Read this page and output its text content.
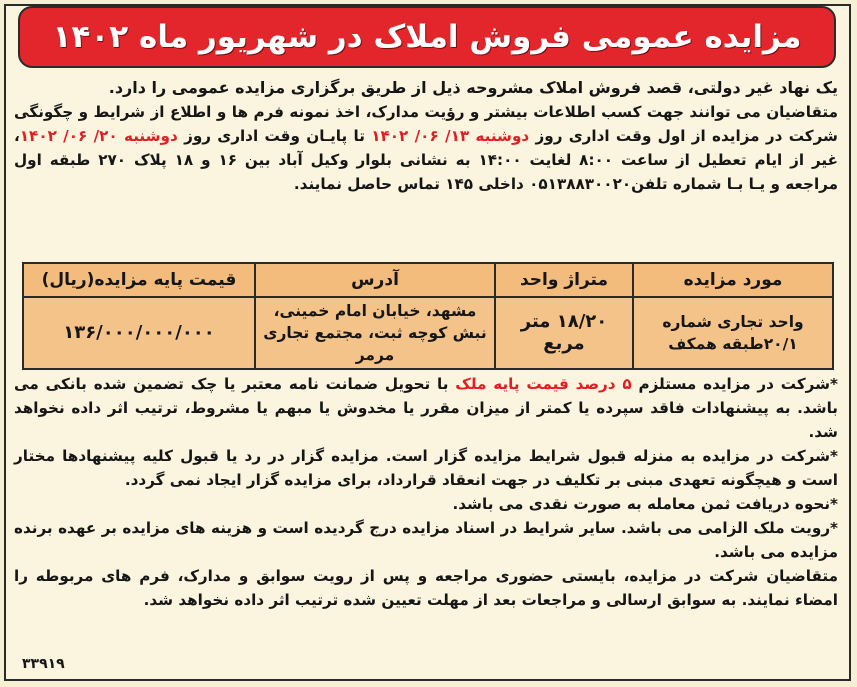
مزایده عمومی فروش املاک در شهریور ماه ۱۴۰۲
یک نهاد غیر دولتی، قصد فروش املاک مشروحه ذیل از طریق برگزاری مزایده عمومی را دارد.
متقاضیان می توانند جهت کسب اطلاعات بیشتر و رؤیت مدارک، اخذ نمونه فرم ها و اطلاع از شرایط و چگونگی شرکت در مزایده از اول وقت اداری روز دوشنبه ۱۳/ ۰۶/ ۱۴۰۲ تا پایـان وقت اداری روز دوشنبه ۲۰/ ۰۶/ ۱۴۰۲، غیر از ایام تعطیل از ساعت ۸:۰۰ لغایت ۱۴:۰۰ به نشانی بلوار وکیل آباد بین ۱۶ و ۱۸ پلاک ۲۷۰ طبقه اول مراجعه و یـا بـا شماره تلفن۰۵۱۳۸۸۳۰۰۲۰ داخلی ۱۴۵ تماس حاصل نمایند.
مورد مزایده	متراژ واحد	آدرس	قیمت پایه مزایده(ریال)
واحد تجاری شماره ۲۰/۱طبقه همکف	۱۸/۲۰ متر مربع	مشهد، خیابان امام خمینی، نبش کوچه ثبت، مجتمع تجاری مرمر	۱۳۶/۰۰۰/۰۰۰/۰۰۰
*شرکت در مزایده مستلزم ۵ درصد قیمت پایه ملک با تحویل ضمانت نامه معتبر یا چک تضمین شده بانکی می باشد. به پیشنهادات فاقد سپرده یا کمتر از میزان مقرر یا مخدوش یا مبهم یا مشروط، ترتیب اثر داده نخواهد شد.
*شرکت در مزایده به منزله قبول شرایط مزایده گزار است. مزایده گزار در رد یا قبول کلیه پیشنهادها مختار است و هیچگونه تعهدی مبنی بر تکلیف در جهت انعقاد قرارداد، برای مزایده گزار ایجاد نمی گردد.
*نحوه دریافت ثمن معامله به صورت نقدی می باشد.
*رویت ملک الزامی می باشد. سایر شرایط در اسناد مزایده درج گردیده است و هزینه های مزایده بر عهده برنده مزایده می باشد.
متقاضیان شرکت در مزایده، بایستی حضوری مراجعه و پس از رویت سوابق و مدارک، فرم های مربوطه را امضاء نمایند. به سوابق ارسالی و مراجعات بعد از مهلت تعیین شده ترتیب اثر داده نخواهد شد.
۳۳۹۱۹
